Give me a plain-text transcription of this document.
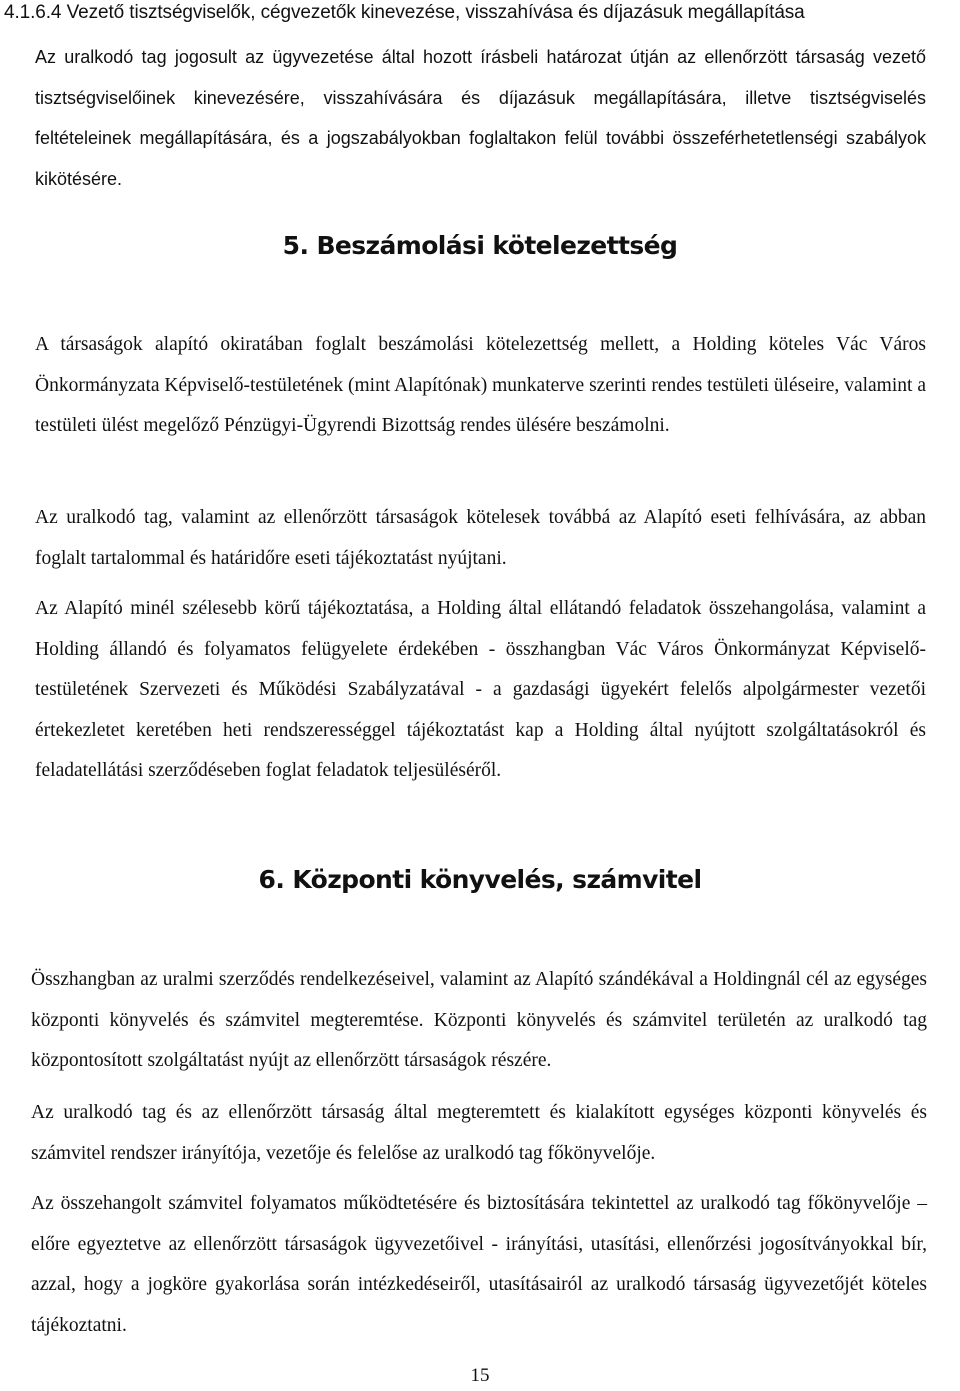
4.1.6.4 Vezető tisztségviselők, cégvezetők kinevezése, visszahívása és díjazásuk megállapítása

Az uralkodó tag jogosult az ügyvezetése által hozott írásbeli határozat útján az ellenőrzött társaság vezető tisztségviselőinek kinevezésére, visszahívására és díjazásuk megállapítására, illetve tisztségviselés feltételeinek megállapítására, és a jogszabályokban foglaltakon felül további összeférhetetlenségi szabályok kikötésére.

5. Beszámolási kötelezettség

A társaságok alapító okiratában foglalt beszámolási kötelezettség mellett, a Holding köteles Vác Város Önkormányzata Képviselő-testületének (mint Alapítónak) munkaterve szerinti rendes testületi üléseire, valamint a testületi ülést megelőző Pénzügyi-Ügyrendi Bizottság rendes ülésére beszámolni.

Az uralkodó tag, valamint az ellenőrzött társaságok kötelesek továbbá az Alapító eseti felhívására, az abban foglalt tartalommal és határidőre eseti tájékoztatást nyújtani.

Az Alapító minél szélesebb körű tájékoztatása, a Holding által ellátandó feladatok összehangolása, valamint a Holding állandó és folyamatos felügyelete érdekében - összhangban Vác Város Önkormányzat Képviselő-testületének Szervezeti és Működési Szabályzatával - a gazdasági ügyekért felelős alpolgármester vezetői értekezletet keretében heti rendszerességgel tájékoztatást kap a Holding által nyújtott szolgáltatásokról és feladatellátási szerződéseben foglat feladatok teljesüléséről.

6. Központi könyvelés, számvitel

Összhangban az uralmi szerződés rendelkezéseivel, valamint az Alapító szándékával a Holdingnál cél az egységes központi könyvelés és számvitel megteremtése. Központi könyvelés és számvitel területén az uralkodó tag központosított szolgáltatást nyújt az ellenőrzött társaságok részére.

Az uralkodó tag és az ellenőrzött társaság által megteremtett és kialakított egységes központi könyvelés és számvitel rendszer irányítója, vezetője és felelőse az uralkodó tag főkönyvelője.

Az összehangolt számvitel folyamatos működtetésére és biztosítására tekintettel az uralkodó tag főkönyvelője – előre egyeztetve az ellenőrzött társaságok ügyvezetőivel - irányítási, utasítási, ellenőrzési jogosítványokkal bír, azzal, hogy a jogköre gyakorlása során intézkedéseiről, utasításairól az uralkodó társaság ügyvezetőjét köteles tájékoztatni.

15
